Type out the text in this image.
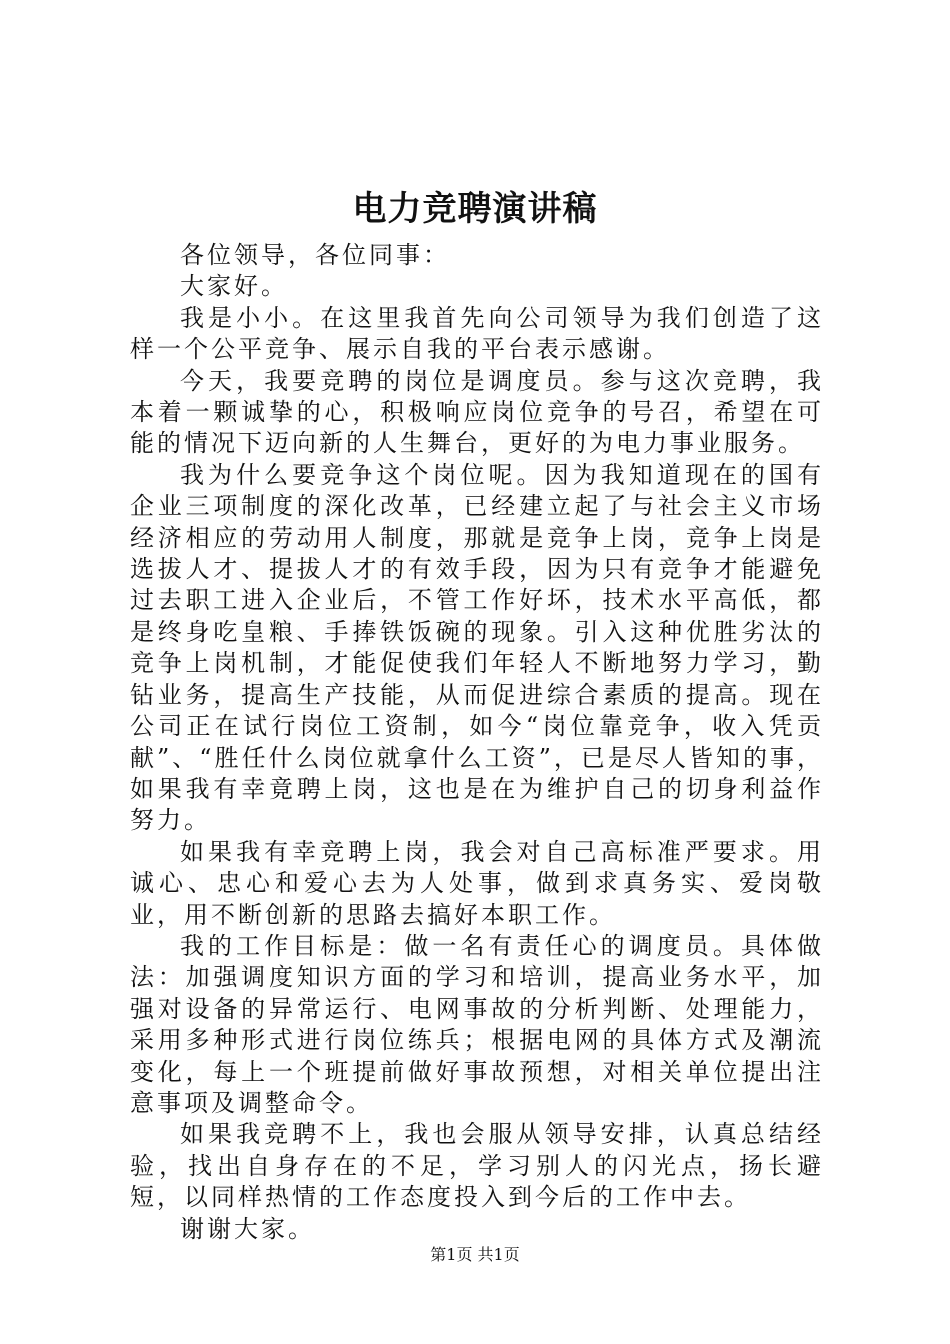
电力竞聘演讲稿

各位领导，各位同事：

大家好。

我是小小。在这里我首先向公司领导为我们创造了这样一个公平竞争、展示自我的平台表示感谢。

今天，我要竞聘的岗位是调度员。参与这次竞聘，我本着一颗诚挚的心，积极响应岗位竞争的号召，希望在可能的情况下迈向新的人生舞台，更好的为电力事业服务。

我为什么要竞争这个岗位呢。因为我知道现在的国有企业三项制度的深化改革，已经建立起了与社会主义市场经济相应的劳动用人制度，那就是竞争上岗，竞争上岗是选拔人才、提拔人才的有效手段，因为只有竞争才能避免过去职工进入企业后，不管工作好坏，技术水平高低，都是终身吃皇粮、手捧铁饭碗的现象。引入这种优胜劣汰的竞争上岗机制，才能促使我们年轻人不断地努力学习，勤钻业务，提高生产技能，从而促进综合素质的提高。现在公司正在试行岗位工资制，如今“岗位靠竞争，收入凭贡献”、“胜任什么岗位就拿什么工资”，已是尽人皆知的事，如果我有幸竟聘上岗，这也是在为维护自己的切身利益作努力。

如果我有幸竞聘上岗，我会对自己高标准严要求。用诚心、忠心和爱心去为人处事，做到求真务实、爱岗敬业，用不断创新的思路去搞好本职工作。

我的工作目标是：做一名有责任心的调度员。具体做法：加强调度知识方面的学习和培训，提高业务水平，加强对设备的异常运行、电网事故的分析判断、处理能力，采用多种形式进行岗位练兵；根据电网的具体方式及潮流变化，每上一个班提前做好事故预想，对相关单位提出注意事项及调整命令。

如果我竞聘不上，我也会服从领导安排，认真总结经验，找出自身存在的不足，学习别人的闪光点，扬长避短，以同样热情的工作态度投入到今后的工作中去。

谢谢大家。

第1页 共1页
